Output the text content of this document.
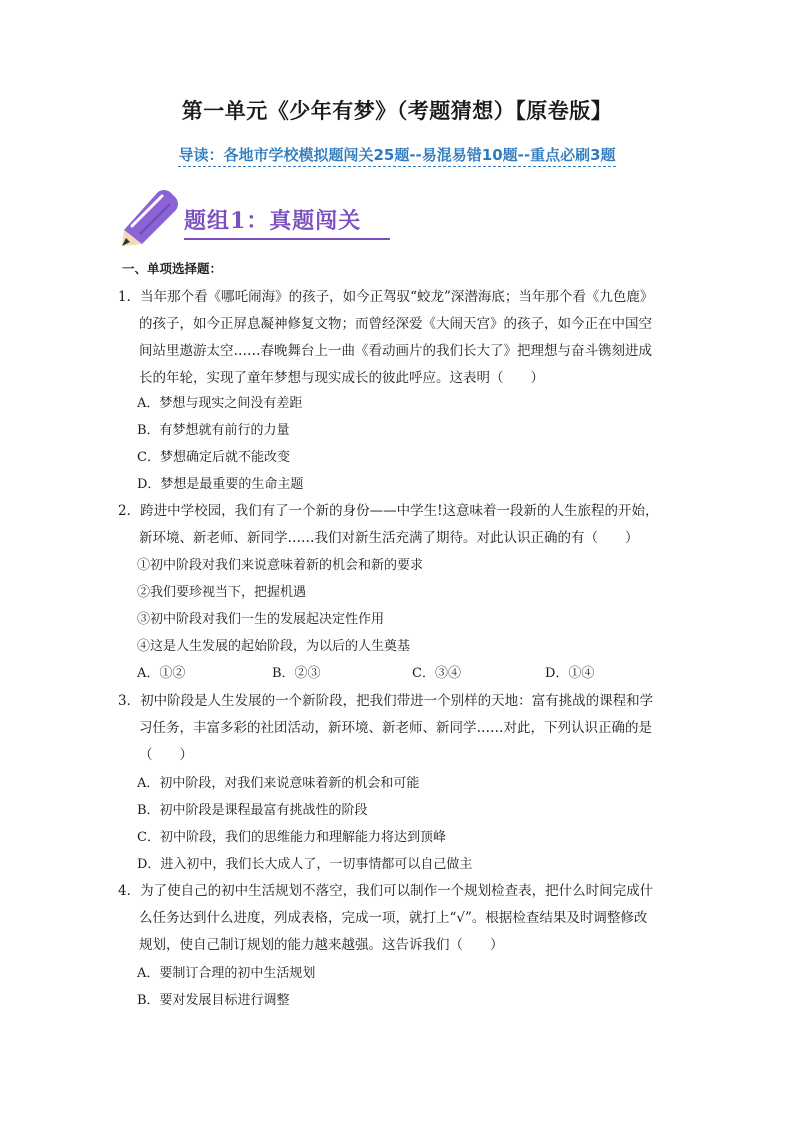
第一单元《少年有梦》（考题猜想）【原卷版】
导读：各地市学校模拟题闯关25题--易混易错10题--重点必刷3题
题组1：真题闯关
一、单项选择题：
1．当年那个看《哪吒闹海》的孩子，如今正驾驭“蛟龙”深潜海底；当年那个看《九色鹿》
的孩子，如今正屏息凝神修复文物；而曾经深爱《大闹天宫》的孩子，如今正在中国空
间站里遨游太空……春晚舞台上一曲《看动画片的我们长大了》把理想与奋斗镌刻进成
长的年轮，实现了童年梦想与现实成长的彼此呼应。这表明（　　）
A．梦想与现实之间没有差距
B．有梦想就有前行的力量
C．梦想确定后就不能改变
D．梦想是最重要的生命主题
2．跨进中学校园，我们有了一个新的身份——中学生!这意味着一段新的人生旅程的开始，
新环境、新老师、新同学……我们对新生活充满了期待。对此认识正确的有（　　）
①初中阶段对我们来说意味着新的机会和新的要求
②我们要珍视当下，把握机遇
③初中阶段对我们一生的发展起决定性作用
④这是人生发展的起始阶段，为以后的人生奠基
A．①②	B．②③	C．③④	D．①④
3．初中阶段是人生发展的一个新阶段，把我们带进一个别样的天地：富有挑战的课程和学
习任务，丰富多彩的社团活动，新环境、新老师、新同学……对此，下列认识正确的是
（　　）
A．初中阶段，对我们来说意味着新的机会和可能
B．初中阶段是课程最富有挑战性的阶段
C．初中阶段，我们的思维能力和理解能力将达到顶峰
D．进入初中，我们长大成人了，一切事情都可以自己做主
4．为了使自己的初中生活规划不落空，我们可以制作一个规划检查表，把什么时间完成什
么任务达到什么进度，列成表格，完成一项，就打上“√”。根据检查结果及时调整修改
规划，使自己制订规划的能力越来越强。这告诉我们（　　）
A．要制订合理的初中生活规划
B．要对发展目标进行调整
